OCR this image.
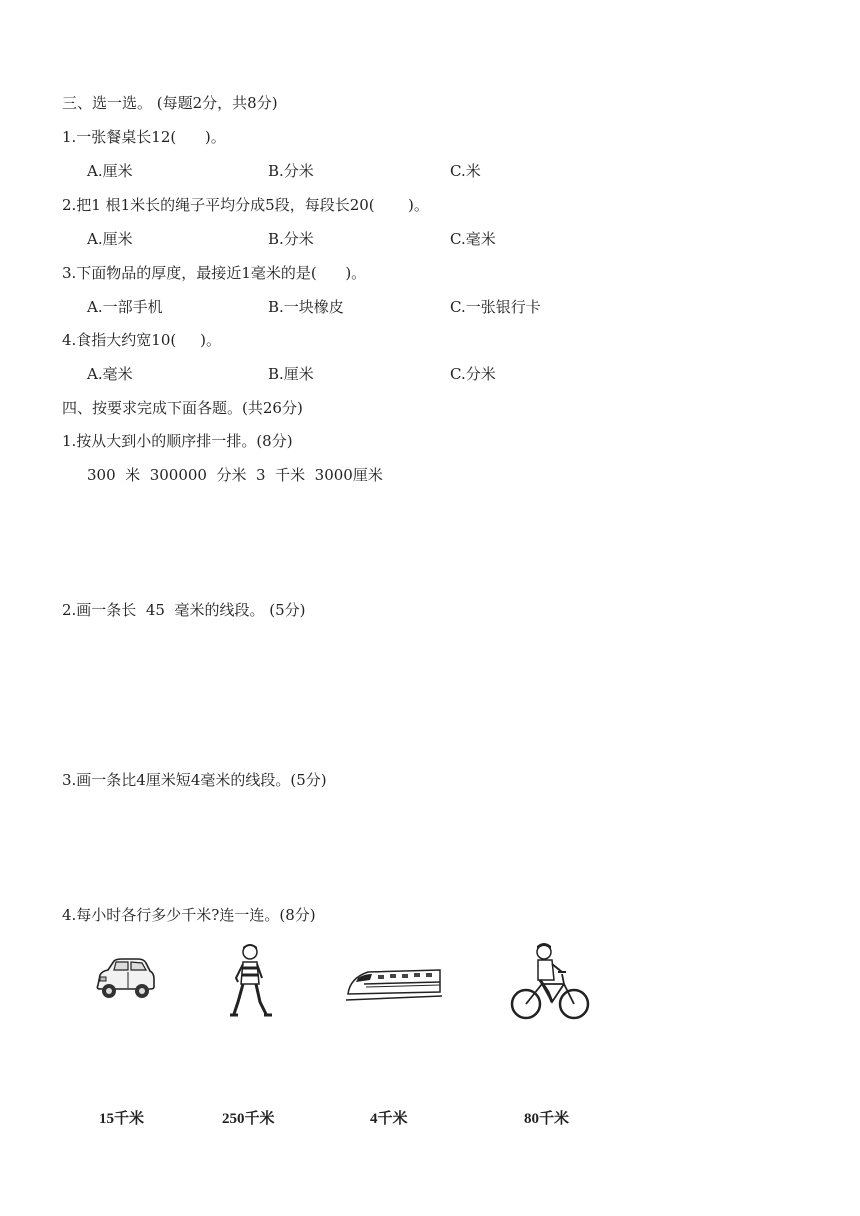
三、选一选。 (每题2分，共8分)
1.一张餐桌长12(      )。
A.厘米	B.分米	C.米
2.把1 根1米长的绳子平均分成5段，每段长20(       )。
A.厘米	B.分米	C.毫米
3.下面物品的厚度，最接近1毫米的是(      )。
A.一部手机	B.一块橡皮	C.一张银行卡
4.食指大约宽10(     )。
A.毫米	B.厘米	C.分米
四、按要求完成下面各题。(共26分)
1.按从大到小的顺序排一排。(8分)
300  米  300000  分米  3  千米  3000厘米
2.画一条长  45  毫米的线段。 (5分)
3.画一条比4厘米短4毫米的线段。(5分)
4.每小时各行多少千米?连一连。(8分)
15千米	250千米	4千米	80千米
